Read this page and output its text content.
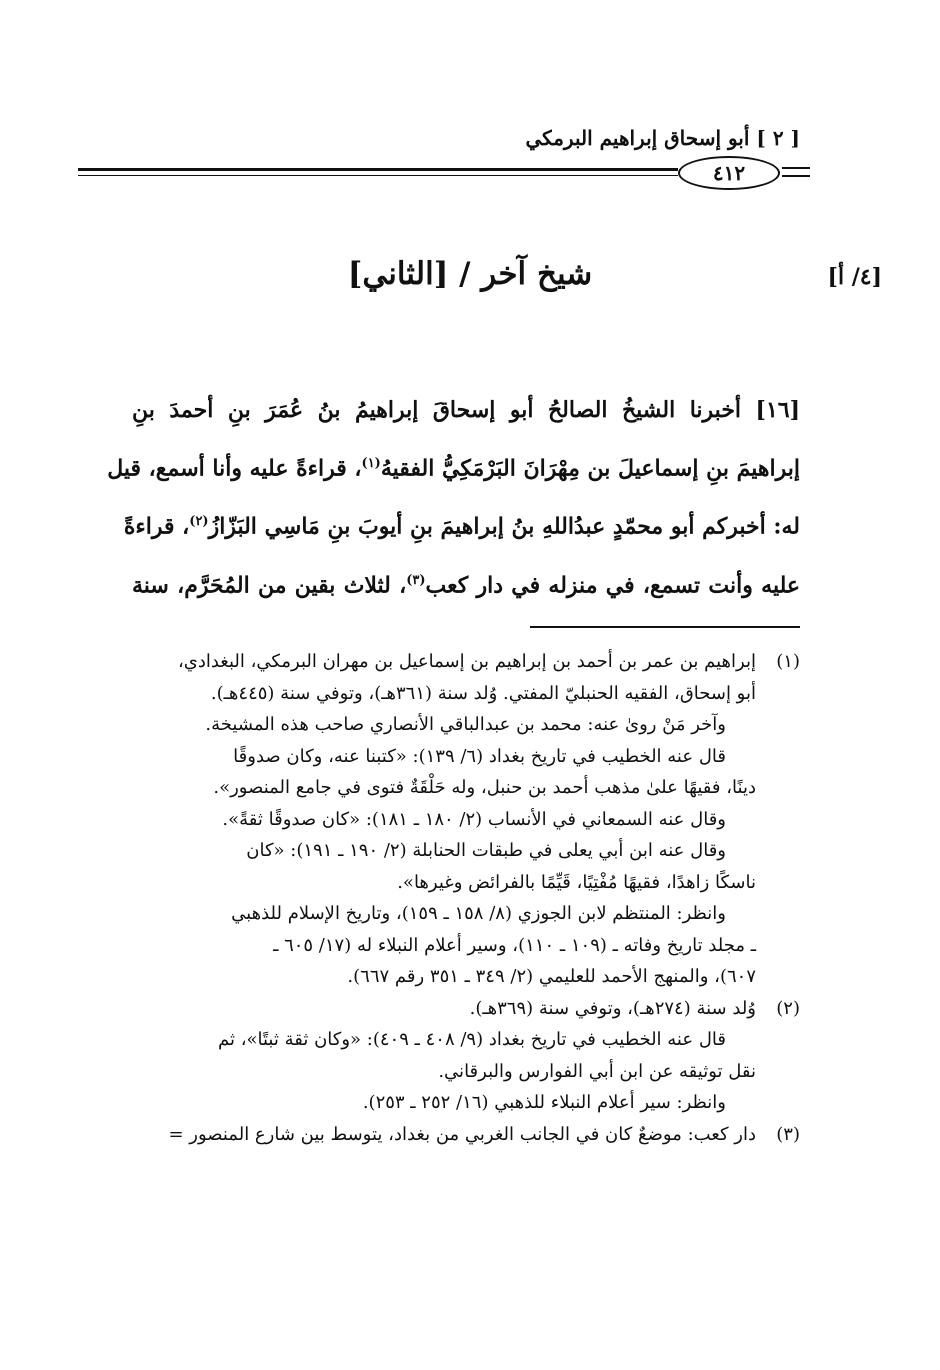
[ ٢ ] أبو إسحاق إبراهيم البرمكي
٤١٢
شيخ آخر / [الثاني]	[٤/ أ]
[١٦] أخبرنا الشيخُ الصالحُ أبو إسحاقَ إبراهيمُ بنُ عُمَرَ بنِ أحمدَ بنِ
إبراهيمَ بنِ إسماعيلَ بن مِهْرَانَ البَرْمَكِيُّ الفقيهُ$^{(١)}$، قراءةً عليه وأنا أسمع، قيل
له: أخبركم أبو محمّدٍ عبدُاللهِ بنُ إبراهيمَ بنِ أيوبَ بنِ مَاسِي البَزّازُ$^{(٢)}$، قراءةً
عليه وأنت تسمع، في منزله في دار كعب$^{(٣)}$، لثلاث بقين من المُحَرَّم، سنة
(١)
إبراهيم بن عمر بن أحمد بن إبراهيم بن إسماعيل بن مهران البرمكي، البغدادي،
أبو إسحاق، الفقيه الحنبليّ المفتي. وُلد سنة (٣٦١هـ)، وتوفي سنة (٤٤٥هـ).
وآخر مَنْ روىٰ عنه: محمد بن عبدالباقي الأنصاري صاحب هذه المشيخة.
قال عنه الخطيب في تاريخ بغداد (٦/ ١٣٩): «كتبنا عنه، وكان صدوقًا
دينًا، فقيهًا علىٰ مذهب أحمد بن حنبل، وله حَلْقَةٌ فتوى في جامع المنصور».
وقال عنه السمعاني في الأنساب (٢/ ١٨٠ ـ ١٨١): «كان صدوقًا ثقةً».
وقال عنه ابن أبي يعلى في طبقات الحنابلة (٢/ ١٩٠ ـ ١٩١): «كان
ناسكًا زاهدًا، فقيهًا مُفْتِيًا، قَيِّمًا بالفرائض وغيرها».
وانظر: المنتظم لابن الجوزي (٨/ ١٥٨ ـ ١٥٩)، وتاريخ الإسلام للذهبي
ـ مجلد تاريخ وفاته ـ (١٠٩ ـ ١١٠)، وسير أعلام النبلاء له (١٧/ ٦٠٥ ـ
٦٠٧)، والمنهج الأحمد للعليمي (٢/ ٣٤٩ ـ ٣٥١ رقم ٦٦٧).
(٢)
وُلد سنة (٢٧٤هـ)، وتوفي سنة (٣٦٩هـ).
قال عنه الخطيب في تاريخ بغداد (٩/ ٤٠٨ ـ ٤٠٩): «وكان ثقة ثبتًا»، ثم
نقل توثيقه عن ابن أبي الفوارس والبرقاني.
وانظر: سير أعلام النبلاء للذهبي (١٦/ ٢٥٢ ـ ٢٥٣).
(٣)
دار كعب: موضعٌ كان في الجانب الغربي من بغداد، يتوسط بين شارع المنصور =
